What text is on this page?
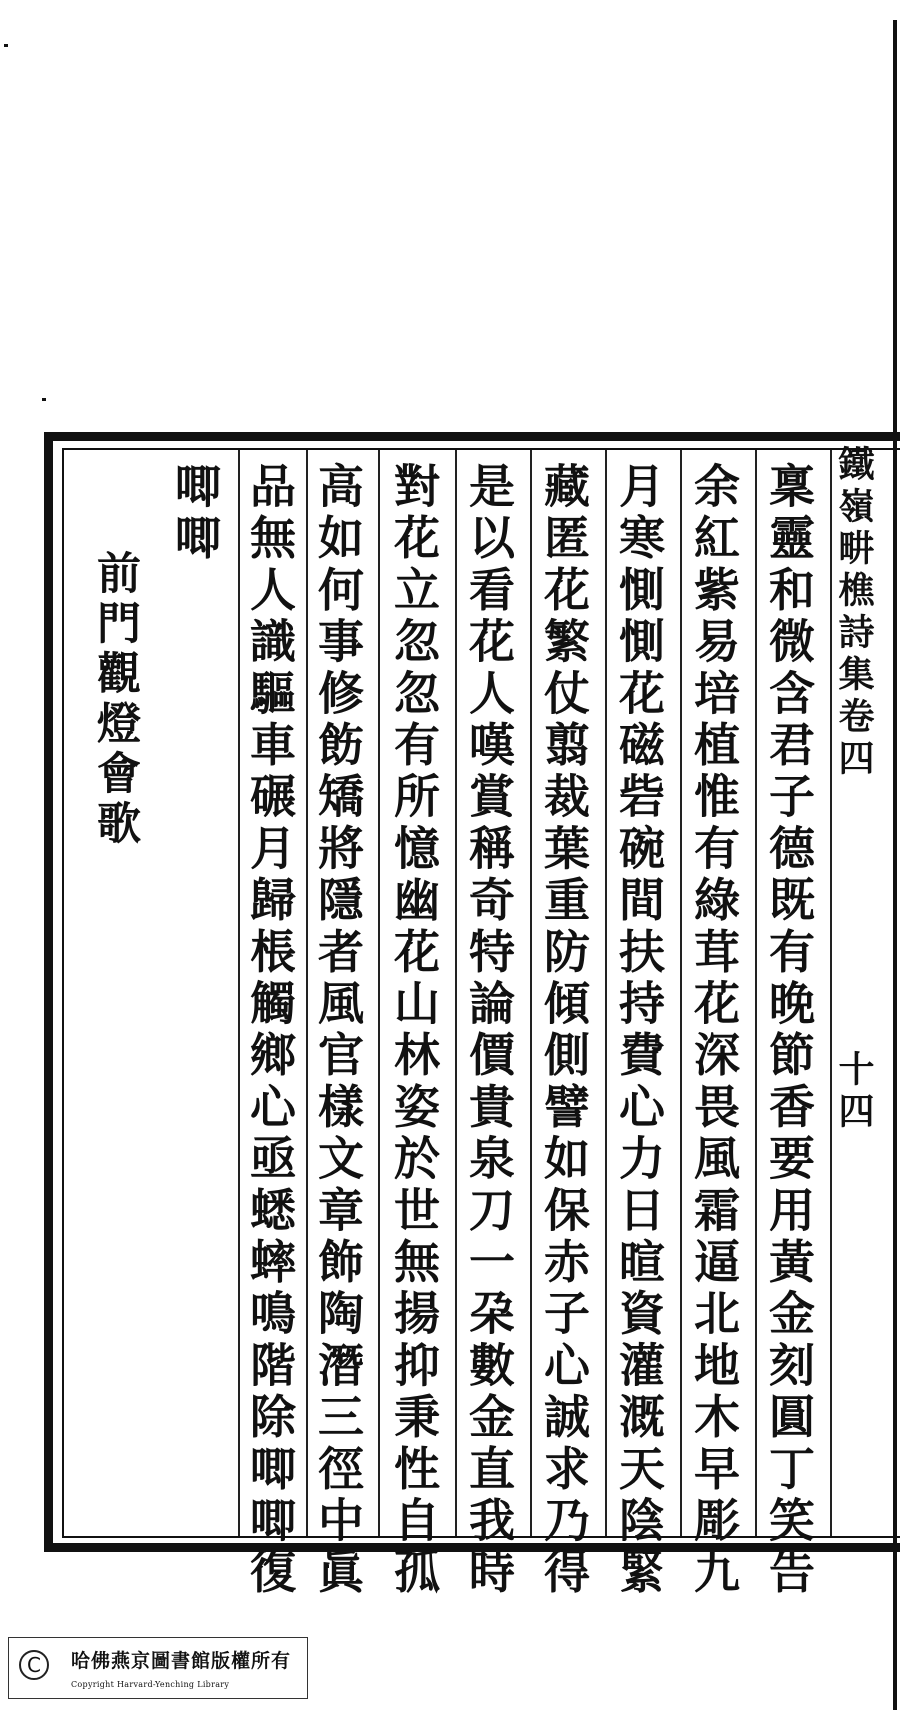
鐵嶺畊樵詩集卷四
十四
稟靈和微含君子德既有晚節香要用黃金刻圓丁笑告
余紅紫易培植惟有綠茸花深畏風霜逼北地木早彫九
月寒惻惻花磁砦碗間扶持費心力日暄資灌溉天陰緊
藏匿花繁仗翦裁葉重防傾側譬如保赤子心誠求乃得
是以看花人嘆賞稱奇特論價貴泉刀一朶數金直我時
對花立忽忽有所憶幽花山林姿於世無揚抑秉性自孤
高如何事修飭矯將隱者風官樣文章飾陶潛三徑中眞
品無人識驅車碾月歸棖觸鄉心亟蟋蟀鳴階除唧唧復
唧唧
前門觀燈會歌
C	哈佛燕京圖書館版權所有
Copyright Harvard-Yenching Library
